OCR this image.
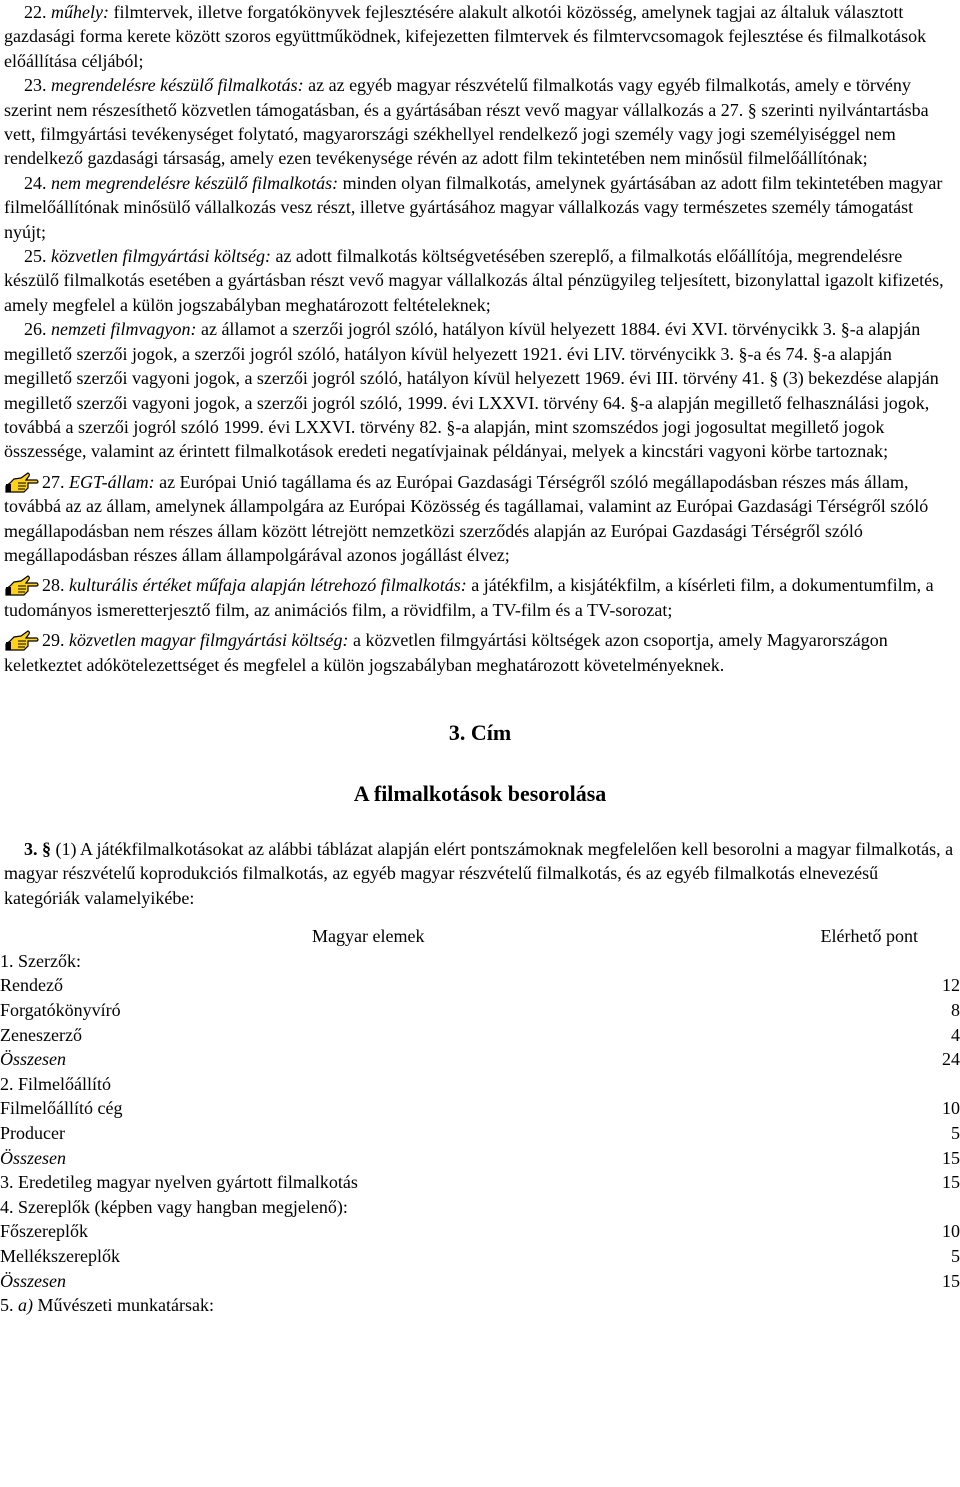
22. műhely: filmtervek, illetve forgatókönyvek fejlesztésére alakult alkotói közösség, amelynek tagjai az általuk választott gazdasági forma kerete között szoros együttműködnek, kifejezetten filmtervek és filmtervcsomagok fejlesztése és filmalkotások előállítása céljából;

23. megrendelésre készülő filmalkotás: az az egyéb magyar részvételű filmalkotás vagy egyéb filmalkotás, amely e törvény szerint nem részesíthető közvetlen támogatásban, és a gyártásában részt vevő magyar vállalkozás a 27. § szerinti nyilvántartásba vett, filmgyártási tevékenységet folytató, magyarországi székhellyel rendelkező jogi személy vagy jogi személyiséggel nem rendelkező gazdasági társaság, amely ezen tevékenysége révén az adott film tekintetében nem minősül filmelőállítónak;

24. nem megrendelésre készülő filmalkotás: minden olyan filmalkotás, amelynek gyártásában az adott film tekintetében magyar filmelőállítónak minősülő vállalkozás vesz részt, illetve gyártásához magyar vállalkozás vagy természetes személy támogatást nyújt;

25. közvetlen filmgyártási költség: az adott filmalkotás költségvetésében szereplő, a filmalkotás előállítója, megrendelésre készülő filmalkotás esetében a gyártásban részt vevő magyar vállalkozás által pénzügyileg teljesített, bizonylattal igazolt kifizetés, amely megfelel a külön jogszabályban meghatározott feltételeknek;

26. nemzeti filmvagyon: az államot a szerzői jogról szóló, hatályon kívül helyezett 1884. évi XVI. törvénycikk 3. §-a alapján megillető szerzői jogok, a szerzői jogról szóló, hatályon kívül helyezett 1921. évi LIV. törvénycikk 3. §-a és 74. §-a alapján megillető szerzői vagyoni jogok, a szerzői jogról szóló, hatályon kívül helyezett 1969. évi III. törvény 41. § (3) bekezdése alapján megillető szerzői vagyoni jogok, a szerzői jogról szóló, 1999. évi LXXVI. törvény 64. §-a alapján megillető felhasználási jogok, továbbá a szerzői jogról szóló 1999. évi LXXVI. törvény 82. §-a alapján, mint szomszédos jogi jogosultat megillető jogok összessége, valamint az érintett filmalkotások eredeti negatívjainak példányai, melyek a kincstári vagyoni körbe tartoznak;

27. EGT-állam: az Európai Unió tagállama és az Európai Gazdasági Térségről szóló megállapodásban részes más állam, továbbá az az állam, amelynek állampolgára az Európai Közösség és tagállamai, valamint az Európai Gazdasági Térségről szóló megállapodásban nem részes állam között létrejött nemzetközi szerződés alapján az Európai Gazdasági Térségről szóló megállapodásban részes állam állampolgárával azonos jogállást élvez;

28. kulturális értéket műfaja alapján létrehozó filmalkotás: a játékfilm, a kisjátékfilm, a kísérleti film, a dokumentumfilm, a tudományos ismeretterjesztő film, az animációs film, a rövidfilm, a TV-film és a TV-sorozat;

29. közvetlen magyar filmgyártási költség: a közvetlen filmgyártási költségek azon csoportja, amely Magyarországon keletkeztet adókötelezettséget és megfelel a külön jogszabályban meghatározott követelményeknek.

3. Cím
A filmalkotások besorolása

3. § (1) A játékfilmalkotásokat az alábbi táblázat alapján elért pontszámoknak megfelelően kell besorolni a magyar filmalkotás, a magyar részvételű koprodukciós filmalkotás, az egyéb magyar részvételű filmalkotás, és az egyéb filmalkotás elnevezésű kategóriák valamelyikébe:

Magyar elemek	Elérhető pont
1. Szerzők:	
Rendező	12
Forgatókönyvíró	8
Zeneszerző	4
Összesen	24
2. Filmelőállító	
Filmelőállító cég	10
Producer	5
Összesen	15
3. Eredetileg magyar nyelven gyártott filmalkotás	15
4. Szereplők (képben vagy hangban megjelenő):	
Főszereplők	10
Mellékszereplők	5
Összesen	15
5. a) Művészeti munkatársak:	
